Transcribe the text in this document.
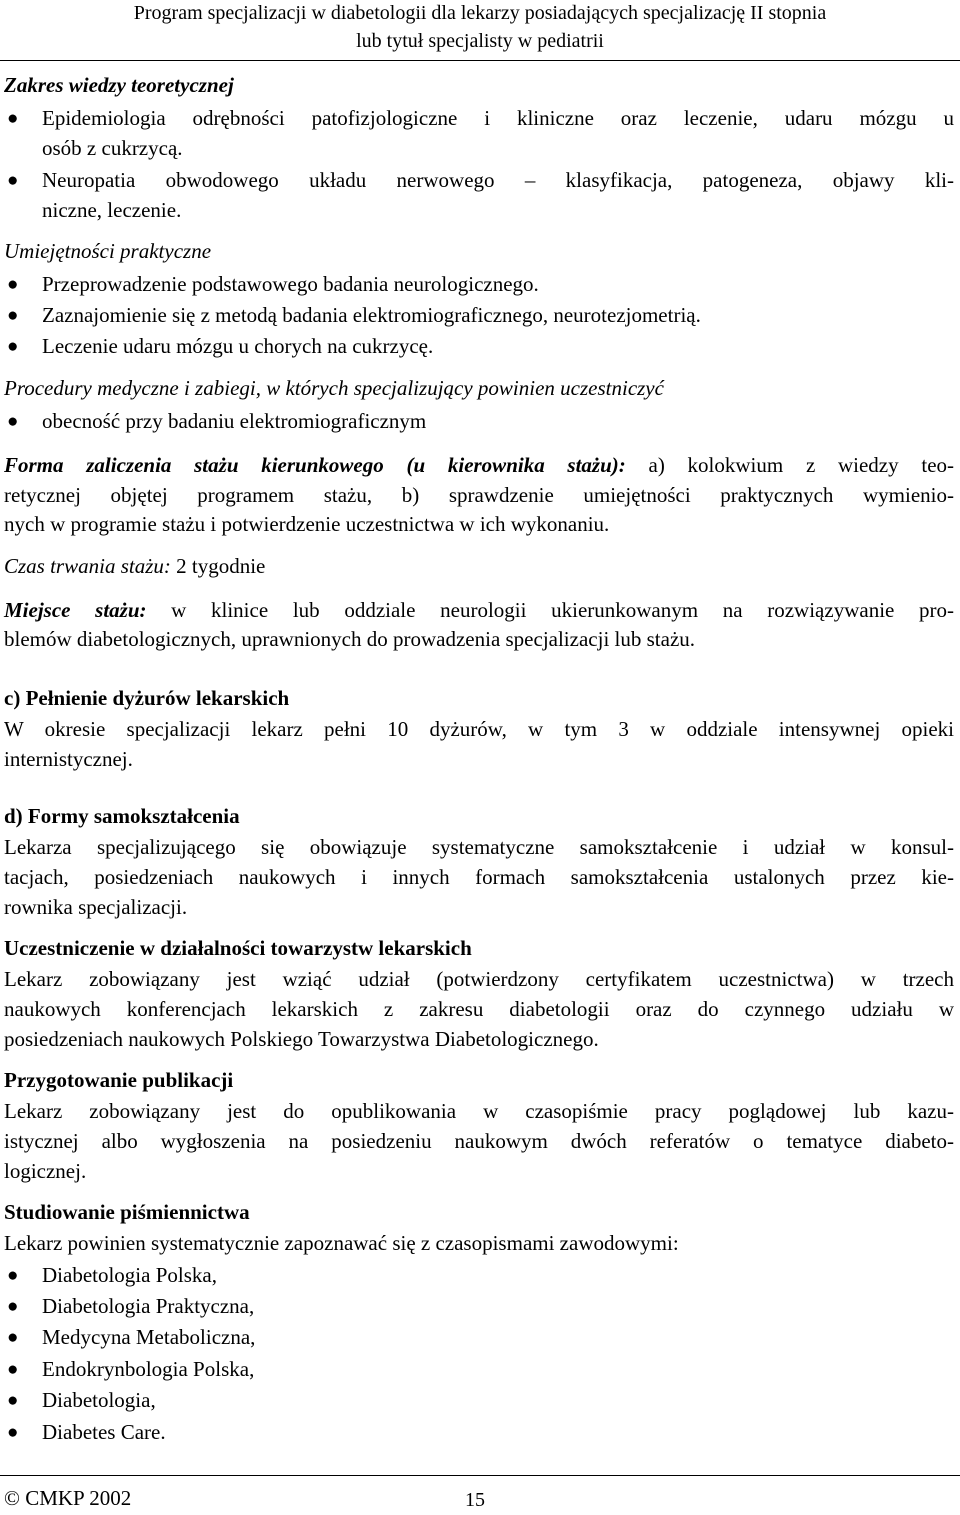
Program specjalizacji w diabetologii dla lekarzy posiadających specjalizację II stopnia
lub tytuł specjalisty w pediatrii
Zakres wiedzy teoretycznej
● Epidemiologia odrębności patofizjologiczne i kliniczne oraz leczenie, udaru mózgu u
osób z cukrzycą.
● Neuropatia obwodowego układu nerwowego – klasyfikacja, patogeneza, objawy kli-
niczne, leczenie.
Umiejętności praktyczne
● Przeprowadzenie podstawowego badania neurologicznego.
● Zaznajomienie się z metodą badania elektromiograficznego, neurotezjometrią.
● Leczenie udaru mózgu u chorych na cukrzycę.
Procedury medyczne i zabiegi, w których specjalizujący powinien uczestniczyć
● obecność przy badaniu elektromiograficznym
Forma zaliczenia stażu kierunkowego (u kierownika stażu): a) kolokwium z wiedzy teo-
retycznej objętej programem stażu, b) sprawdzenie umiejętności praktycznych wymienio-
nych w programie stażu i potwierdzenie uczestnictwa w ich wykonaniu.
Czas trwania stażu: 2 tygodnie
Miejsce stażu: w klinice lub oddziale neurologii ukierunkowanym na rozwiązywanie pro-
blemów diabetologicznych, uprawnionych do prowadzenia specjalizacji lub stażu.
c) Pełnienie dyżurów lekarskich
W okresie specjalizacji lekarz pełni 10 dyżurów, w tym 3 w oddziale intensywnej opieki
internistycznej.
d) Formy samokształcenia
Lekarza specjalizującego się obowiązuje systematyczne samokształcenie i udział w konsul-
tacjach, posiedzeniach naukowych i innych formach samokształcenia ustalonych przez kie-
rownika specjalizacji.
Uczestniczenie w działalności towarzystw lekarskich
Lekarz zobowiązany jest wziąć udział (potwierdzony certyfikatem uczestnictwa) w trzech
naukowych konferencjach lekarskich z zakresu diabetologii oraz do czynnego udziału w
posiedzeniach naukowych Polskiego Towarzystwa Diabetologicznego.
Przygotowanie publikacji
Lekarz zobowiązany jest do opublikowania w czasopiśmie pracy poglądowej lub kazu-
istycznej albo wygłoszenia na posiedzeniu naukowym dwóch referatów o tematyce diabeto-
logicznej.
Studiowanie piśmiennictwa
Lekarz powinien systematycznie zapoznawać się z czasopismami zawodowymi:
● Diabetologia Polska,
● Diabetologia Praktyczna,
● Medycyna Metaboliczna,
● Endokrynbologia Polska,
● Diabetologia,
● Diabetes Care.
© CMKP 2002	15
